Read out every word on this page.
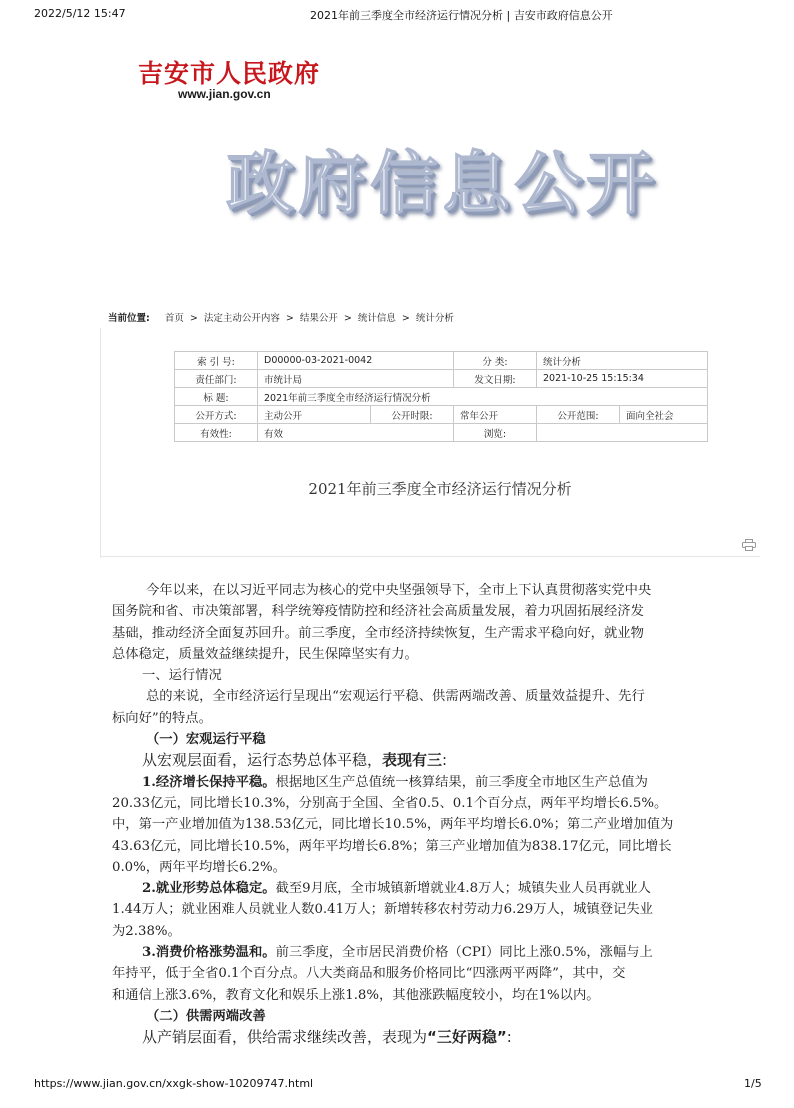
2022/5/12 15:47	2021年前三季度全市经济运行情况分析 | 吉安市政府信息公开
吉安市人民政府
www.jian.gov.cn
政府信息公开
当前位置: 首页 > 法定主动公开内容 > 结果公开 > 统计信息 > 统计分析
索 引 号:	D00000-03-2021-0042		分 类:	统计分析	
责任部门:	市统计局		发文日期:	2021-10-25 15:15:34	
标 题:	2021年前三季度全市经济运行情况分析				
公开方式:	主动公开	公开时限:	常年公开	公开范围:	面向全社会
有效性:	有效		浏览:		
2021年前三季度全市经济运行情况分析

今年以来，在以习近平同志为核心的党中央坚强领导下，全市上下认真贯彻落实党中央

国务院和省、市决策部署，科学统筹疫情防控和经济社会高质量发展，着力巩固拓展经济发

基础，推动经济全面复苏回升。前三季度，全市经济持续恢复，生产需求平稳向好，就业物

总体稳定，质量效益继续提升，民生保障坚实有力。

一、运行情况

总的来说，全市经济运行呈现出“宏观运行平稳、供需两端改善、质量效益提升、先行

标向好”的特点。

（一）宏观运行平稳

从宏观层面看，运行态势总体平稳，表现有三:

1.经济增长保持平稳。根据地区生产总值统一核算结果，前三季度全市地区生产总值为

20.33亿元，同比增长10.3%，分别高于全国、全省0.5、0.1个百分点，两年平均增长6.5%。

中，第一产业增加值为138.53亿元，同比增长10.5%，两年平均增长6.0%；第二产业增加值为

43.63亿元，同比增长10.5%，两年平均增长6.8%；第三产业增加值为838.17亿元，同比增长

0.0%，两年平均增长6.2%。

2.就业形势总体稳定。截至9月底，全市城镇新增就业4.8万人；城镇失业人员再就业人

1.44万人；就业困难人员就业人数0.41万人；新增转移农村劳动力6.29万人，城镇登记失业

为2.38%。

3.消费价格涨势温和。前三季度，全市居民消费价格（CPI）同比上涨0.5%，涨幅与上

年持平，低于全省0.1个百分点。八大类商品和服务价格同比“四涨两平两降”，其中，交

和通信上涨3.6%，教育文化和娱乐上涨1.8%，其他涨跌幅度较小，均在1%以内。

（二）供需两端改善

从产销层面看，供给需求继续改善，表现为“三好两稳”:

https://www.jian.gov.cn/xxgk-show-10209747.html	1/5
